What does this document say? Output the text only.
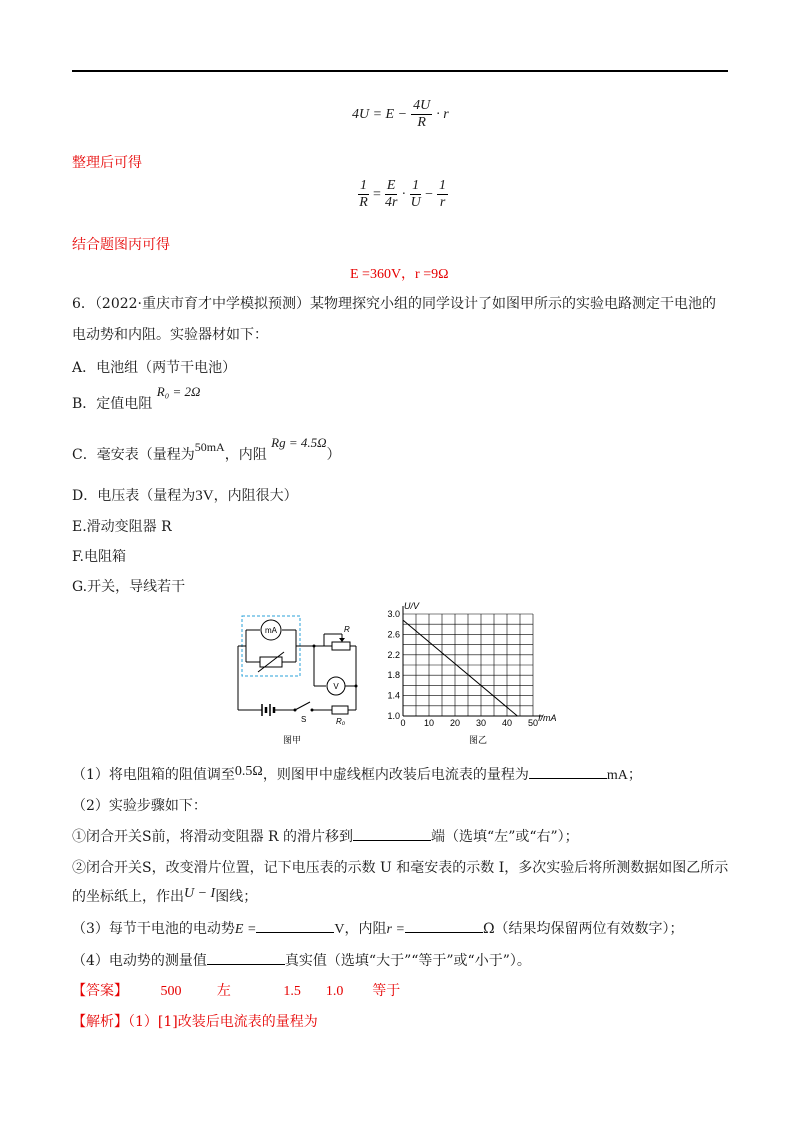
$4U = E - \frac{4U}{R} \cdot r$
整理后可得
$\frac{1}{R} = \frac{E}{4r} \cdot \frac{1}{U} - \frac{1}{r}$
结合题图丙可得
E =360V，r =9Ω
6．（2022·重庆市育才中学模拟预测）某物理探究小组的同学设计了如图甲所示的实验电路测定干电池的
电动势和内阻。实验器材如下：
A．电池组（两节干电池）
B．定值电阻 R₀ = 2Ω
C．毫安表（量程为50mA，内阻 Rg = 4.5Ω）
D．电压表（量程为3V，内阻很大）
E.滑动变阻器 R
F.电阻箱
G.开关，导线若干
mA
S	R₀
R
V
图甲
0 10 20 30 40 50
1.0
1.4
1.8
2.2
2.6
3.0
U/V
I/mA
图乙
（1）将电阻箱的阻值调至0.5Ω，则图甲中虚线框内改装后电流表的量程为	mA；
（2）实验步骤如下：
①闭合开关S前，将滑动变阻器 R 的滑片移到	端（选填“左”或“右”）；
②闭合开关S，改变滑片位置，记下电压表的示数 U 和毫安表的示数 I，多次实验后将所测数据如图乙所示
的坐标纸上，作出U − I图线；
（3）每节干电池的电动势E =	V，内阻r =	Ω（结果均保留两位有效数字）；
（4）电动势的测量值	真实值（选填“大于”“等于”或“小于”）。
【答案】 500	左	1.5 1.0 等于
【解析】（1）[1]改装后电流表的量程为
